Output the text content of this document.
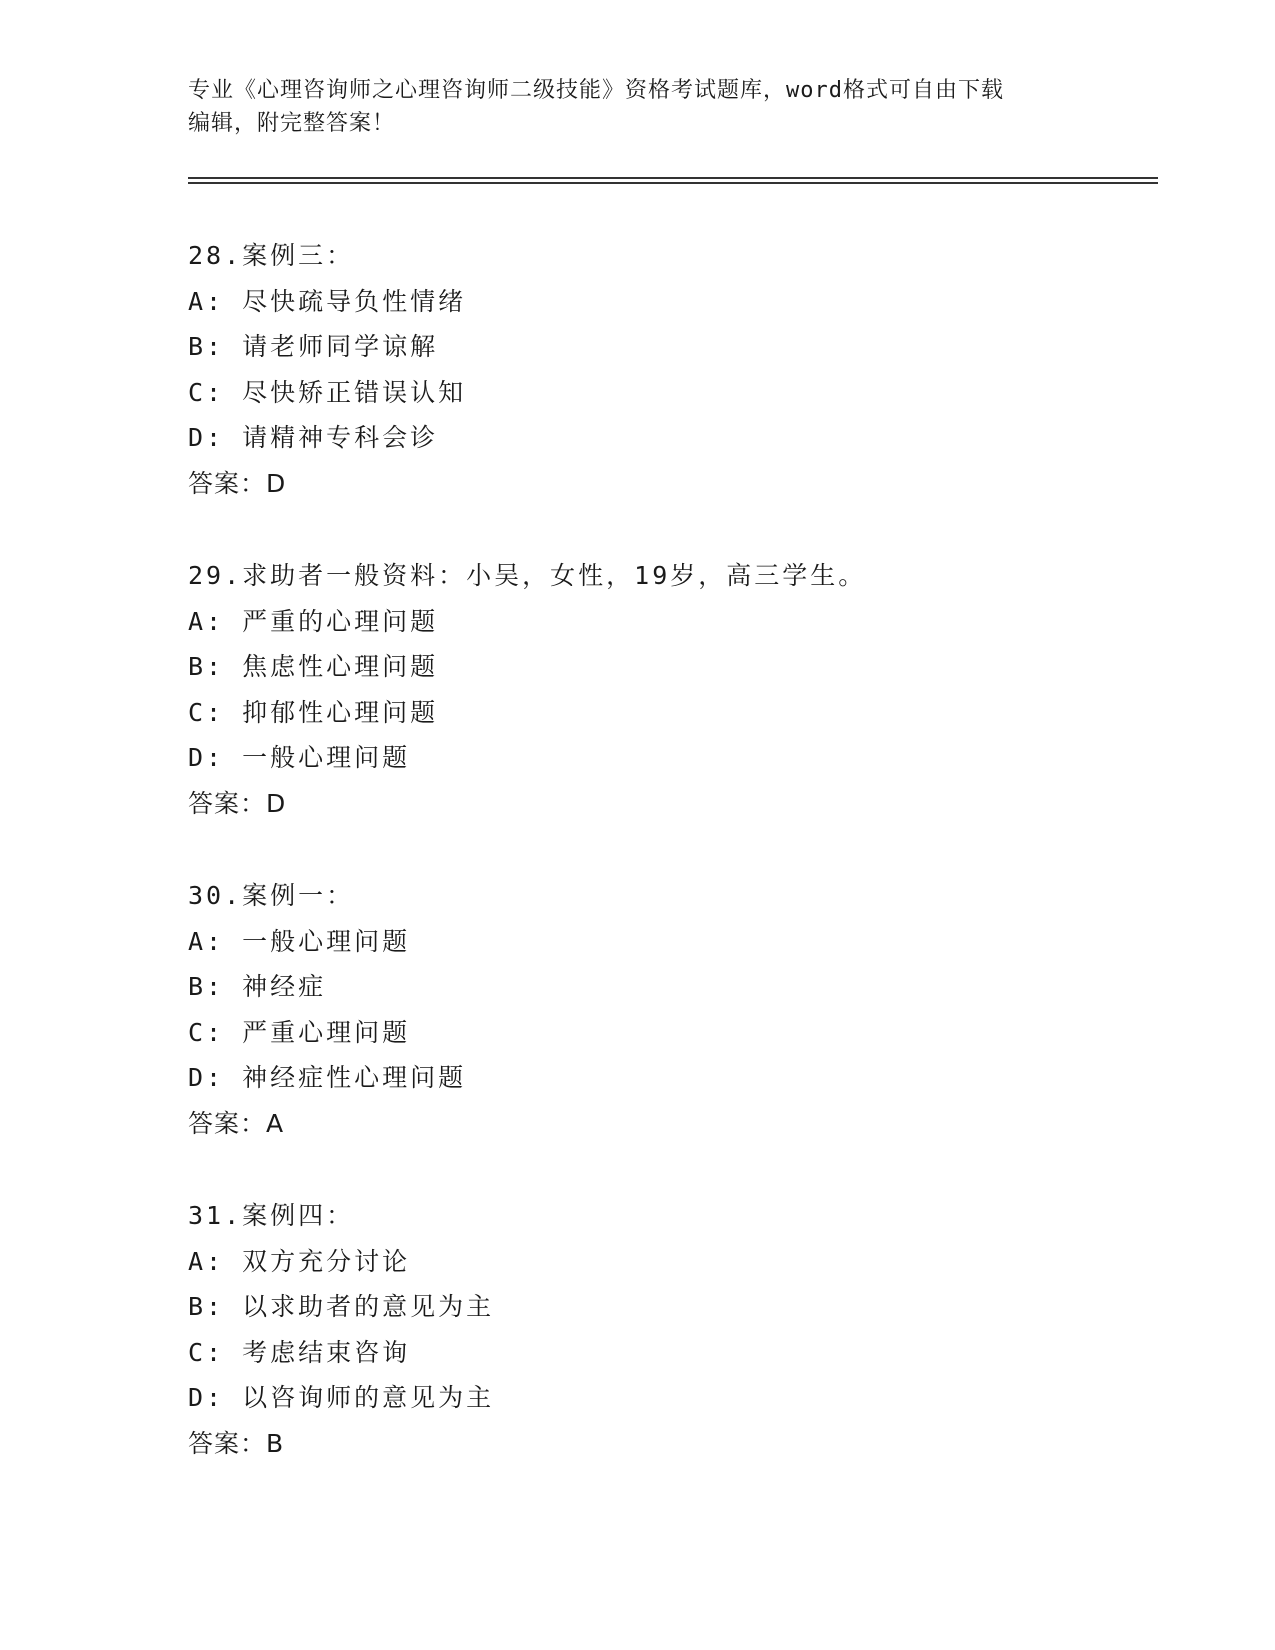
专业《心理咨询师之心理咨询师二级技能》资格考试题库，word格式可自由下载
编辑，附完整答案！
28.案例三：
A: 尽快疏导负性情绪
B: 请老师同学谅解
C: 尽快矫正错误认知
D: 请精神专科会诊
答案：D
29.求助者一般资料：小吴，女性，19岁，高三学生。
A: 严重的心理问题
B: 焦虑性心理问题
C: 抑郁性心理问题
D: 一般心理问题
答案：D
30.案例一：
A: 一般心理问题
B: 神经症
C: 严重心理问题
D: 神经症性心理问题
答案：A
31.案例四：
A: 双方充分讨论
B: 以求助者的意见为主
C: 考虑结束咨询
D: 以咨询师的意见为主
答案：B
